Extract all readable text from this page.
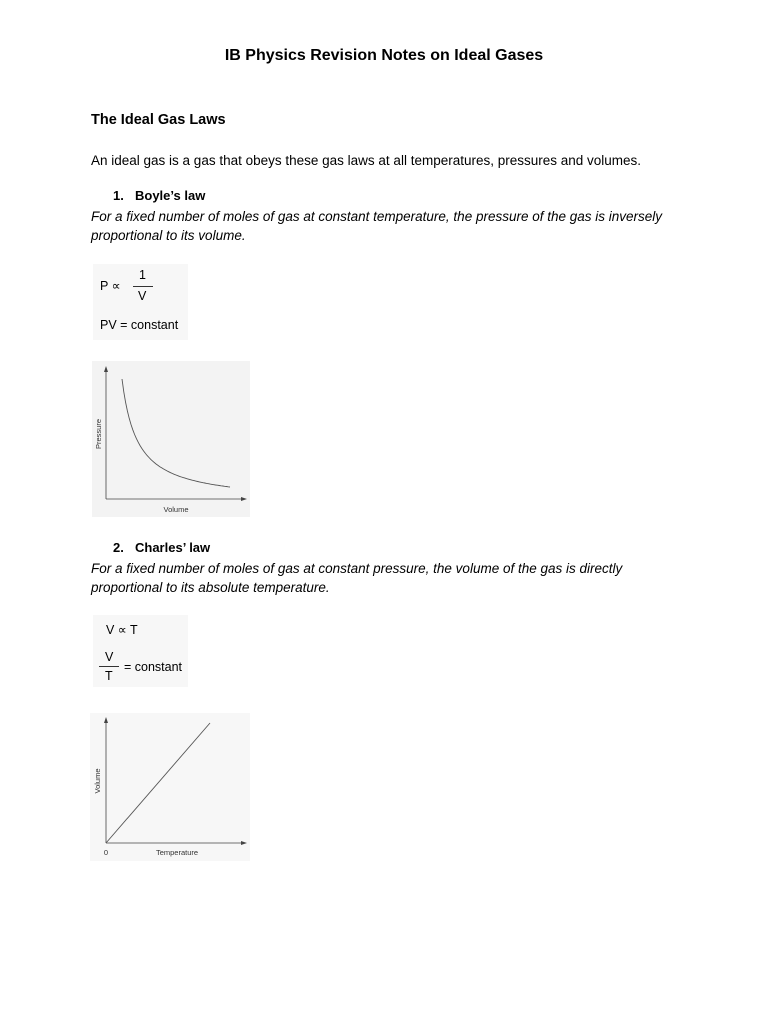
IB Physics Revision Notes on Ideal Gases
The Ideal Gas Laws
An ideal gas is a gas that obeys these gas laws at all temperatures, pressures and volumes.
1. Boyle’s law
For a fixed number of moles of gas at constant temperature, the pressure of the gas is inversely
proportional to its volume.
P ∝
1
V
PV = constant
Volume
Pressure
2. Charles’ law
For a fixed number of moles of gas at constant pressure, the volume of the gas is directly
proportional to its absolute temperature.
V ∝ T
V
T
= constant
0	Temperature
Volume
